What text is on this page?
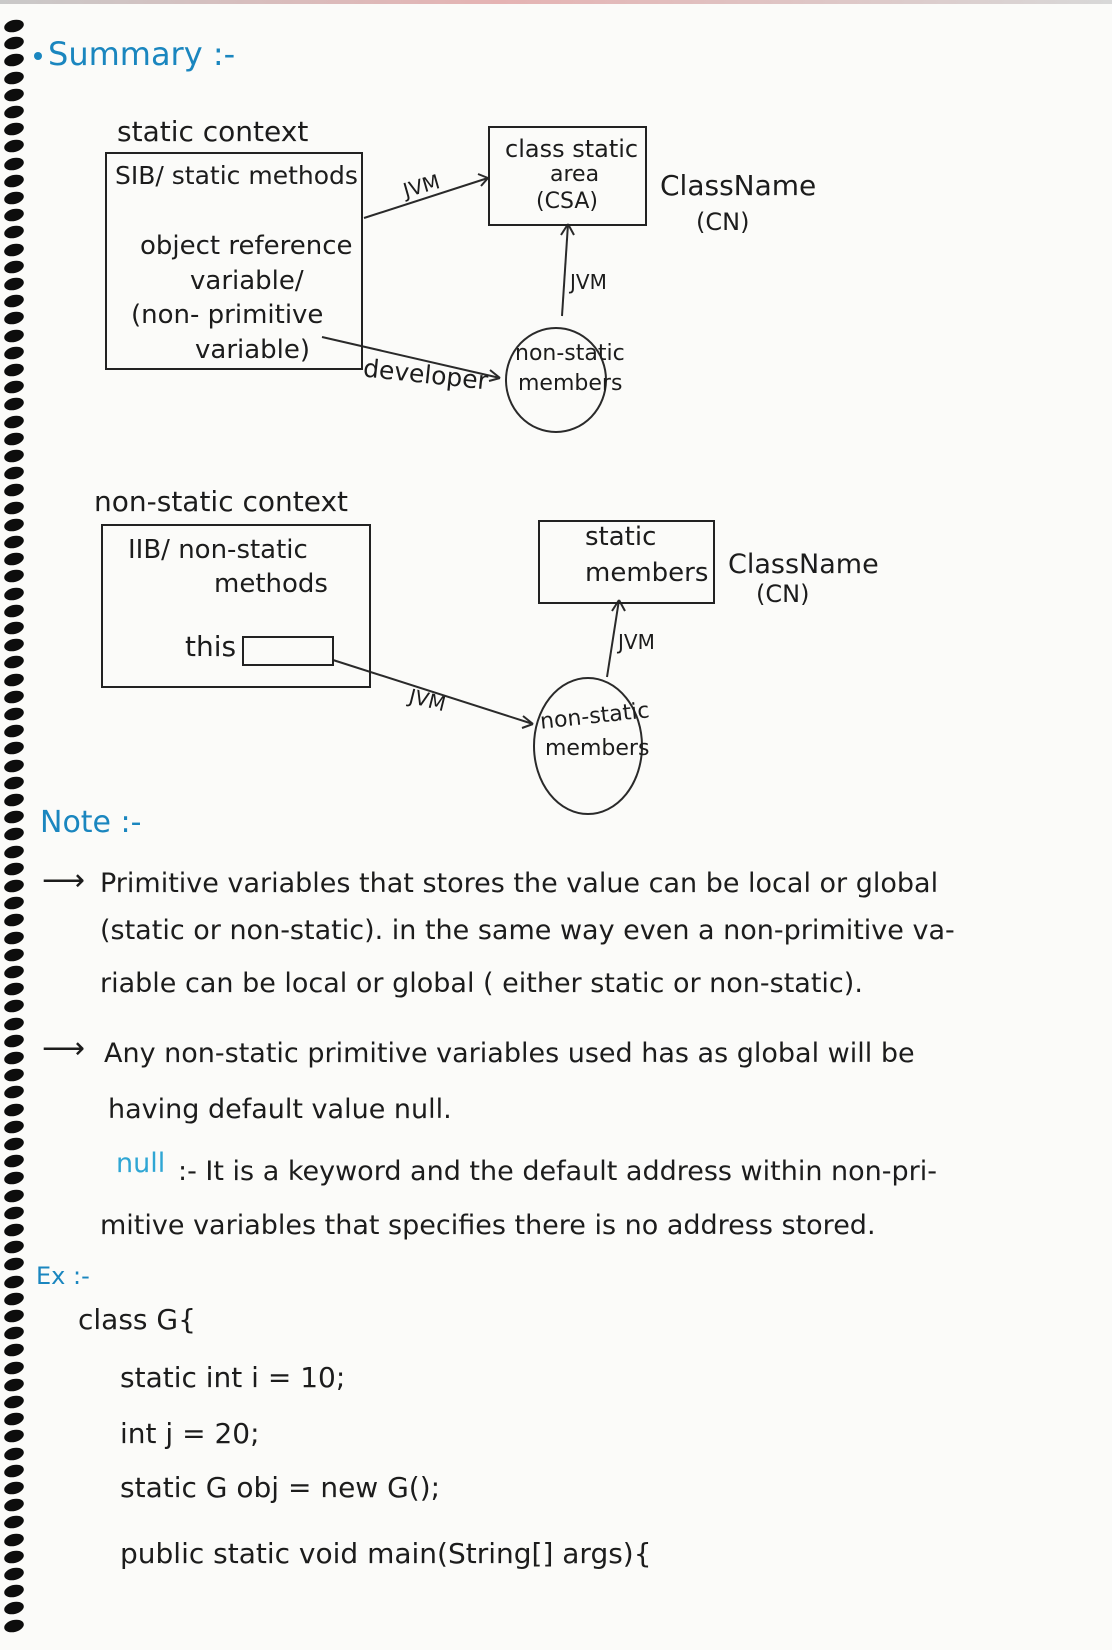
Summary :-
static context
SIB/ static methods
object reference
variable/
(non- primitive
variable)
class static
area
(CSA) ClassName
(CN)
JVM
JVM
developer
non-static
members
non-static context
IIB/ non-static
methods
this
static
members ClassName
(CN)
JVM
JVM	non-static
members
Note :-
⟶ Primitive variables that stores the value can be local or global
(static or non-static). in the same way even a non-primitive va-
riable can be local or global ( either static or non-static).
⟶ Any non-static primitive variables used has as global will be
having default value null.
null :- It is a keyword and the default address within non-pri-
mitive variables that specifies there is no address stored.
Ex :-
class G{
static int i = 10;
int j = 20;
static G obj = new G();
public static void main(String[] args){
